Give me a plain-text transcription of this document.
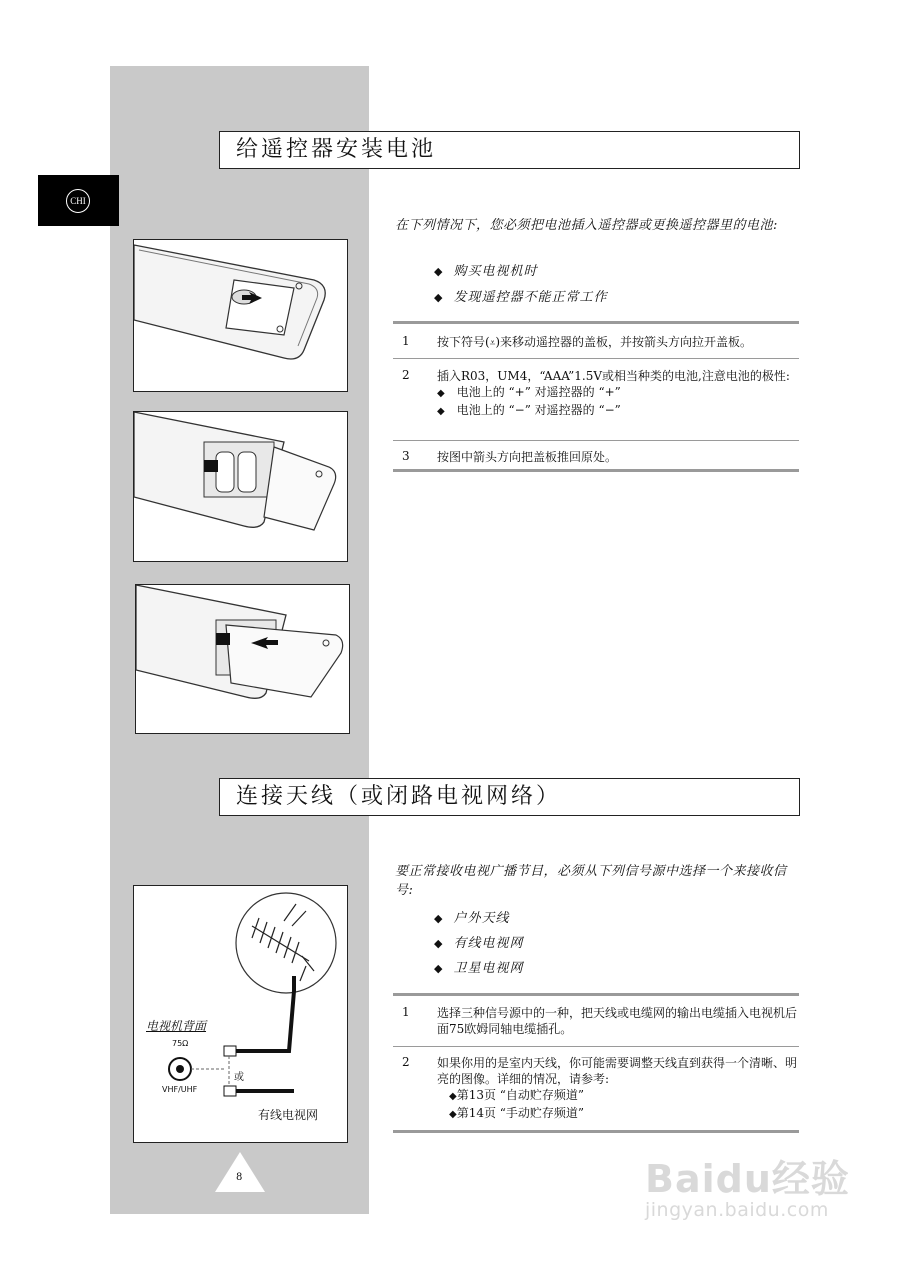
CHI
给遥控器安装电池
在下列情况下，您必须把电池插入遥控器或更换遥控器里的电池:
◆ 购买电视机时
◆ 发现遥控器不能正常工作
1 按下符号(⩡)来移动遥控器的盖板，并按箭头方向拉开盖板。
2 插入R03，UM4，“AAA”1.5V或相当种类的电池,注意电池的极性:
◆ 电池上的 “+” 对遥控器的 “+”
◆ 电池上的 “−” 对遥控器的 “−”
3 按图中箭头方向把盖板推回原处。
连接天线（或闭路电视网络）
电视机背面
75Ω
VHF/UHF
或
有线电视网
要正常接收电视广播节目，必须从下列信号源中选择一个来接收信号:
◆ 户外天线
◆ 有线电视网
◆ 卫星电视网
1 选择三种信号源中的一种，把天线或电缆网的输出电缆插入电视机后面75欧姆同轴电缆插孔。
2 如果你用的是室内天线，你可能需要调整天线直到获得一个清晰、明亮的图像。详细的情况，请参考:
◆第13页 “自动贮存频道”
◆第14页 “手动贮存频道”
8	Baidu经验
jingyan.baidu.com
